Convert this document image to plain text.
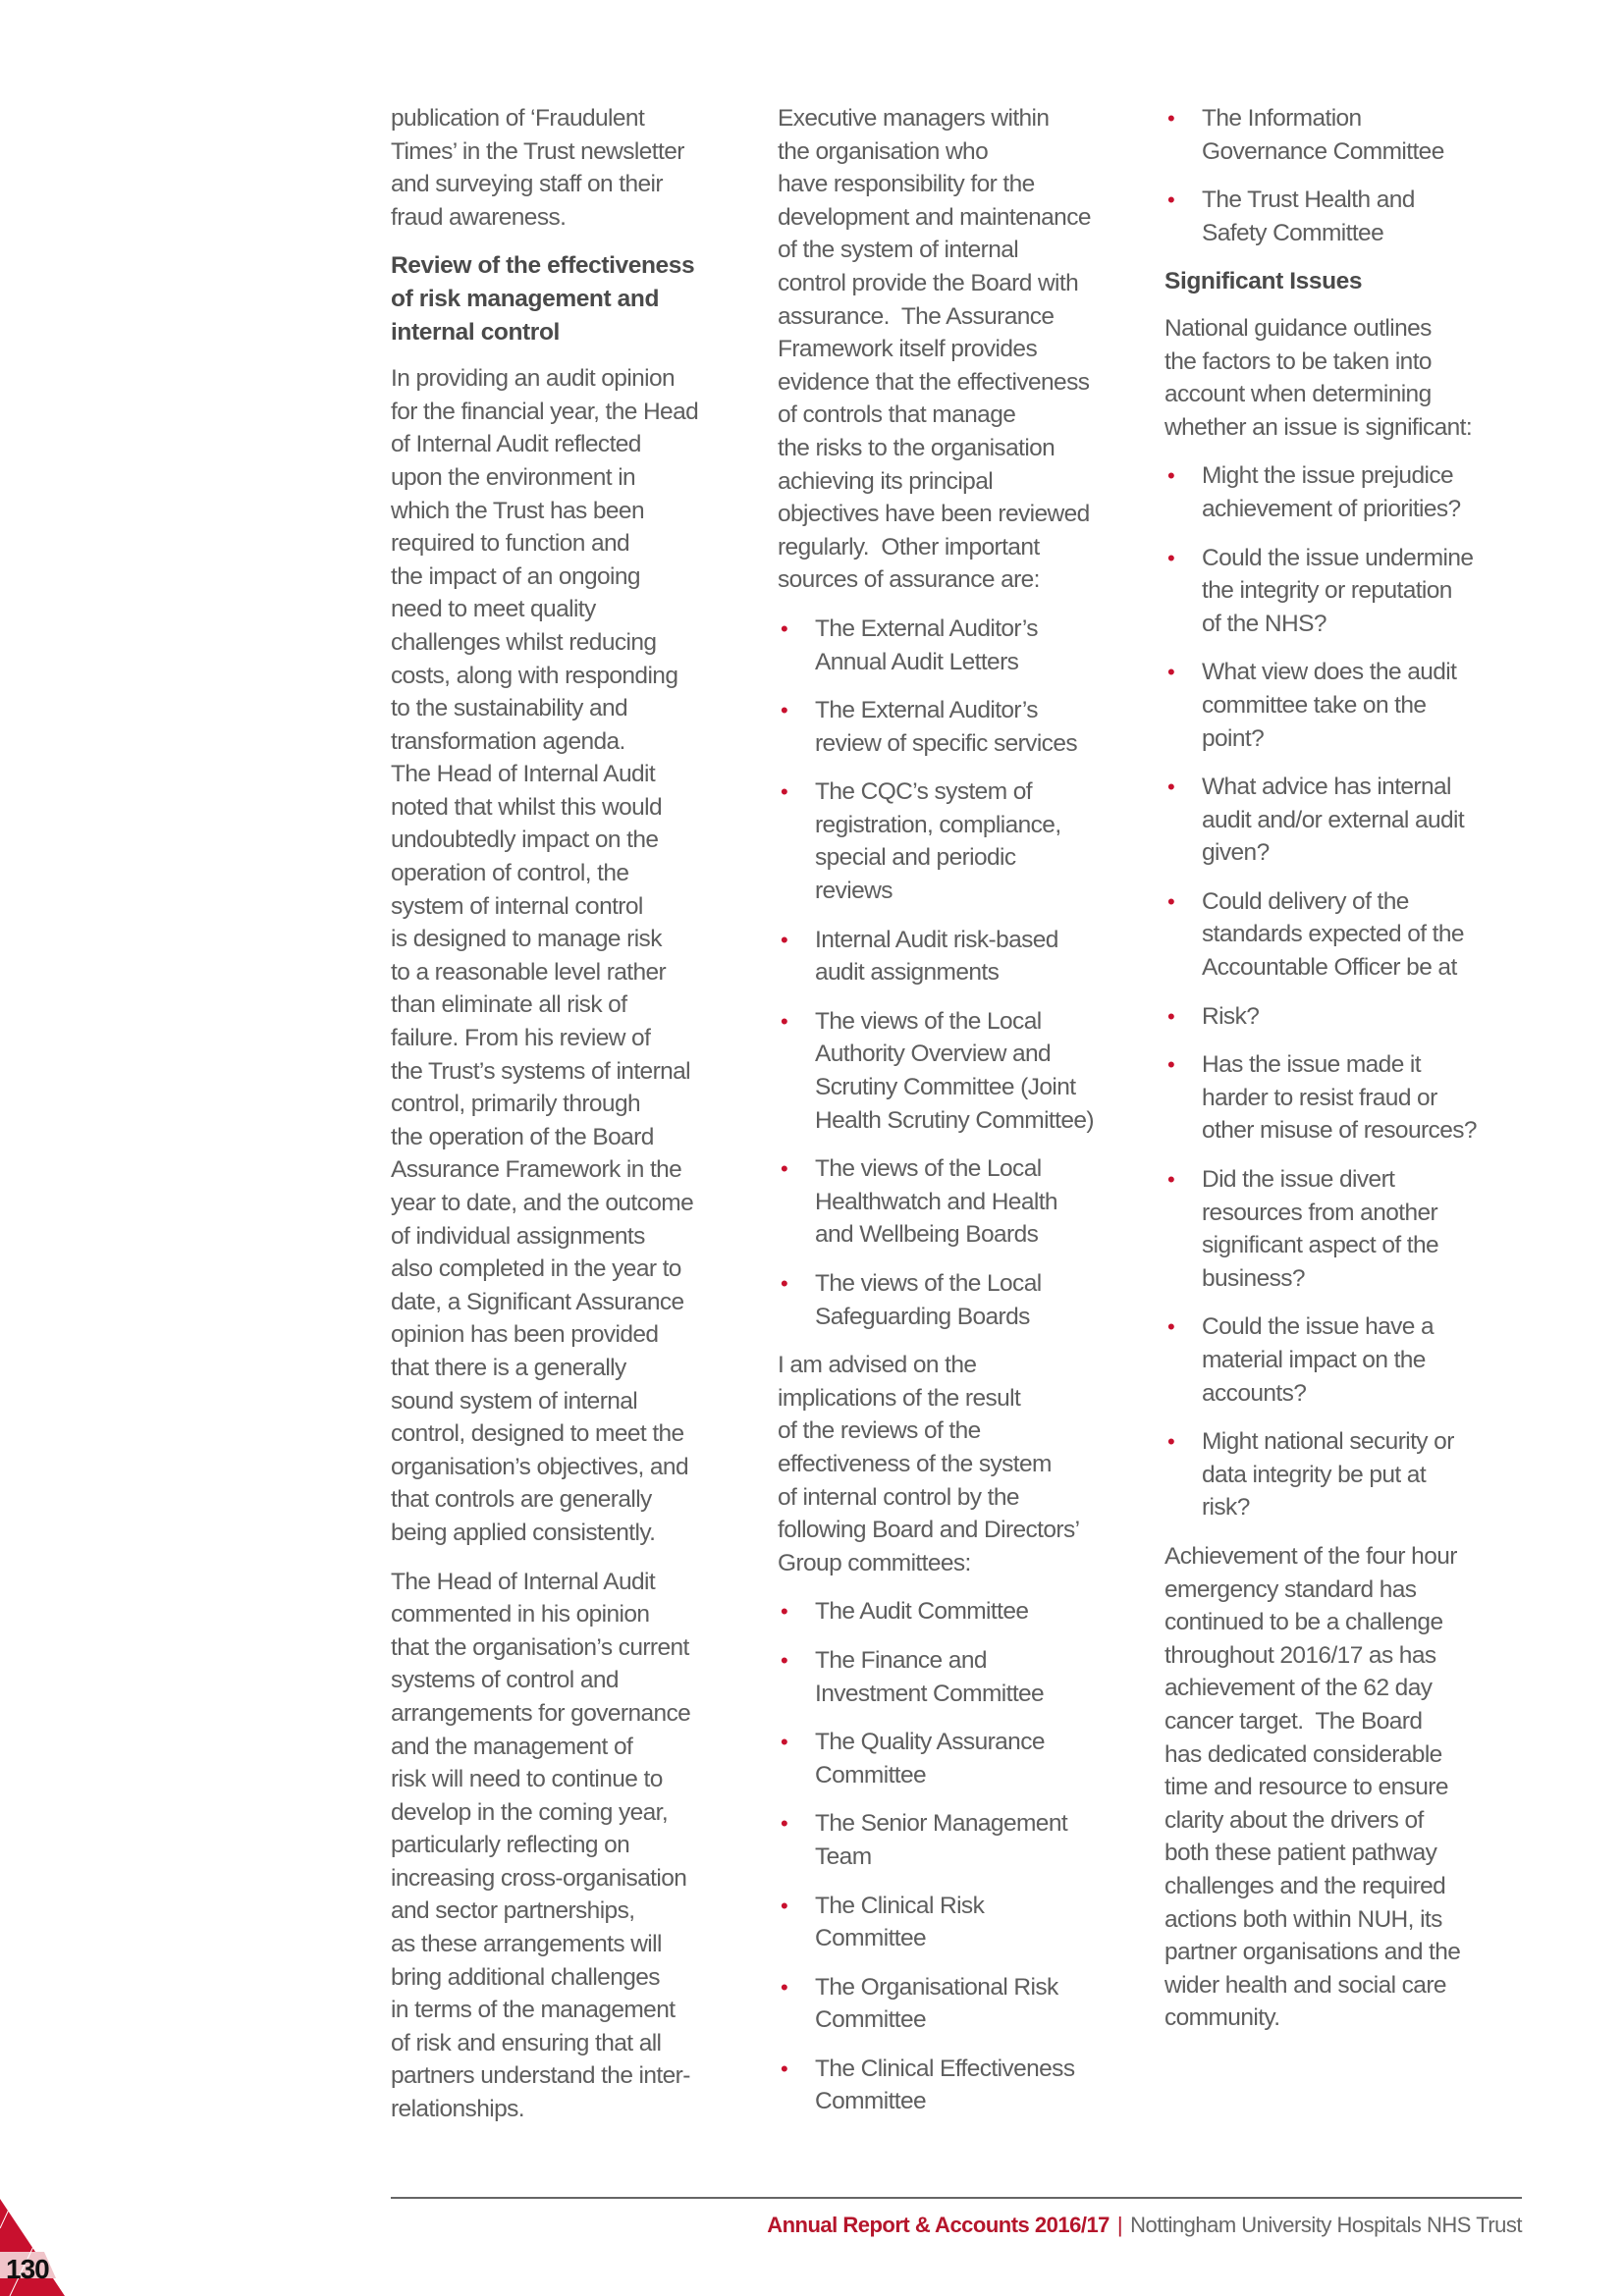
publication of ‘Fraudulent
Times’ in the Trust newsletter
and surveying staff on their
fraud awareness.

Review of the effectiveness
of risk management and
internal control

In providing an audit opinion
for the financial year, the Head
of Internal Audit reflected
upon the environment in
which the Trust has been
required to function and
the impact of an ongoing
need to meet quality
challenges whilst reducing
costs, along with responding
to the sustainability and
transformation agenda.
The Head of Internal Audit
noted that whilst this would
undoubtedly impact on the
operation of control, the
system of internal control
is designed to manage risk
to a reasonable level rather
than eliminate all risk of
failure. From his review of
the Trust’s systems of internal
control, primarily through
the operation of the Board
Assurance Framework in the
year to date, and the outcome
of individual assignments
also completed in the year to
date, a Significant Assurance
opinion has been provided
that there is a generally
sound system of internal
control, designed to meet the
organisation’s objectives, and
that controls are generally
being applied consistently.

The Head of Internal Audit
commented in his opinion
that the organisation’s current
systems of control and
arrangements for governance
and the management of
risk will need to continue to
develop in the coming year,
particularly reflecting on
increasing cross-organisation
and sector partnerships,
as these arrangements will
bring additional challenges
in terms of the management
of risk and ensuring that all
partners understand the inter-
relationships.

Executive managers within
the organisation who
have responsibility for the
development and maintenance
of the system of internal
control provide the Board with
assurance.  The Assurance
Framework itself provides
evidence that the effectiveness
of controls that manage
the risks to the organisation
achieving its principal
objectives have been reviewed
regularly.  Other important
sources of assurance are:

• The External Auditor’s
Annual Audit Letters
• The External Auditor’s
review of specific services
• The CQC’s system of
registration, compliance,
special and periodic
reviews
• Internal Audit risk-based
audit assignments
• The views of the Local
Authority Overview and
Scrutiny Committee (Joint
Health Scrutiny Committee)
• The views of the Local
Healthwatch and Health
and Wellbeing Boards
• The views of the Local
Safeguarding Boards

I am advised on the
implications of the result
of the reviews of the
effectiveness of the system
of internal control by the
following Board and Directors’
Group committees:

• The Audit Committee
• The Finance and
Investment Committee
• The Quality Assurance
Committee
• The Senior Management
Team
• The Clinical Risk
Committee
• The Organisational Risk
Committee
• The Clinical Effectiveness
Committee
• The Information
Governance Committee
• The Trust Health and
Safety Committee
Significant Issues

National guidance outlines
the factors to be taken into
account when determining
whether an issue is significant:

• Might the issue prejudice
achievement of priorities?
• Could the issue undermine
the integrity or reputation
of the NHS?
• What view does the audit
committee take on the
point?
• What advice has internal
audit and/or external audit
given?
• Could delivery of the
standards expected of the
Accountable Officer be at
• Risk?
• Has the issue made it
harder to resist fraud or
other misuse of resources?
• Did the issue divert
resources from another
significant aspect of the
business?
• Could the issue have a
material impact on the
accounts?
• Might national security or
data integrity be put at
risk?

Achievement of the four hour
emergency standard has
continued to be a challenge
throughout 2016/17 as has
achievement of the 62 day
cancer target.  The Board
has dedicated considerable
time and resource to ensure
clarity about the drivers of
both these patient pathway
challenges and the required
actions both within NUH, its
partner organisations and the
wider health and social care
community.

Annual Report & Accounts 2016/17 | Nottingham University Hospitals NHS Trust
130
